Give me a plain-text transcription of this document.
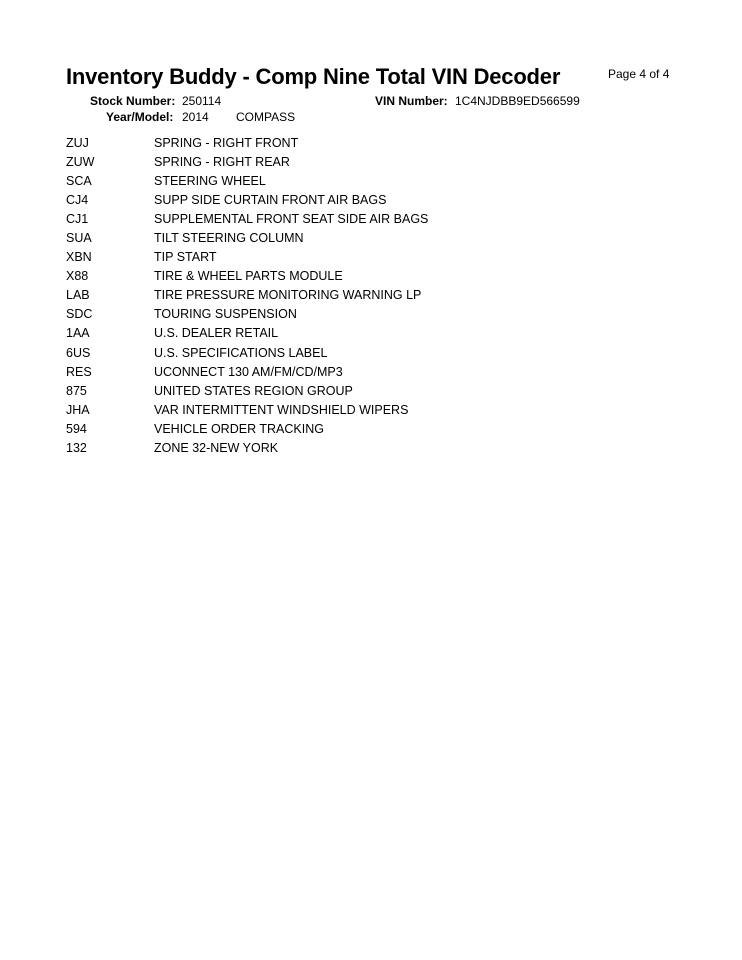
Inventory Buddy - Comp Nine Total VIN Decoder	Page 4 of 4
Stock Number: 250114	VIN Number: 1C4NJDBB9ED566599
Year/Model: 2014 COMPASS
ZUJ	SPRING - RIGHT FRONT
ZUW	SPRING - RIGHT REAR
SCA	STEERING WHEEL
CJ4	SUPP SIDE CURTAIN FRONT AIR BAGS
CJ1	SUPPLEMENTAL FRONT SEAT SIDE AIR BAGS
SUA	TILT STEERING COLUMN
XBN	TIP START
X88	TIRE & WHEEL PARTS MODULE
LAB	TIRE PRESSURE MONITORING WARNING LP
SDC	TOURING SUSPENSION
1AA	U.S. DEALER RETAIL
6US	U.S. SPECIFICATIONS LABEL
RES	UCONNECT 130 AM/FM/CD/MP3
875	UNITED STATES REGION GROUP
JHA	VAR INTERMITTENT WINDSHIELD WIPERS
594	VEHICLE ORDER TRACKING
132	ZONE 32-NEW YORK
